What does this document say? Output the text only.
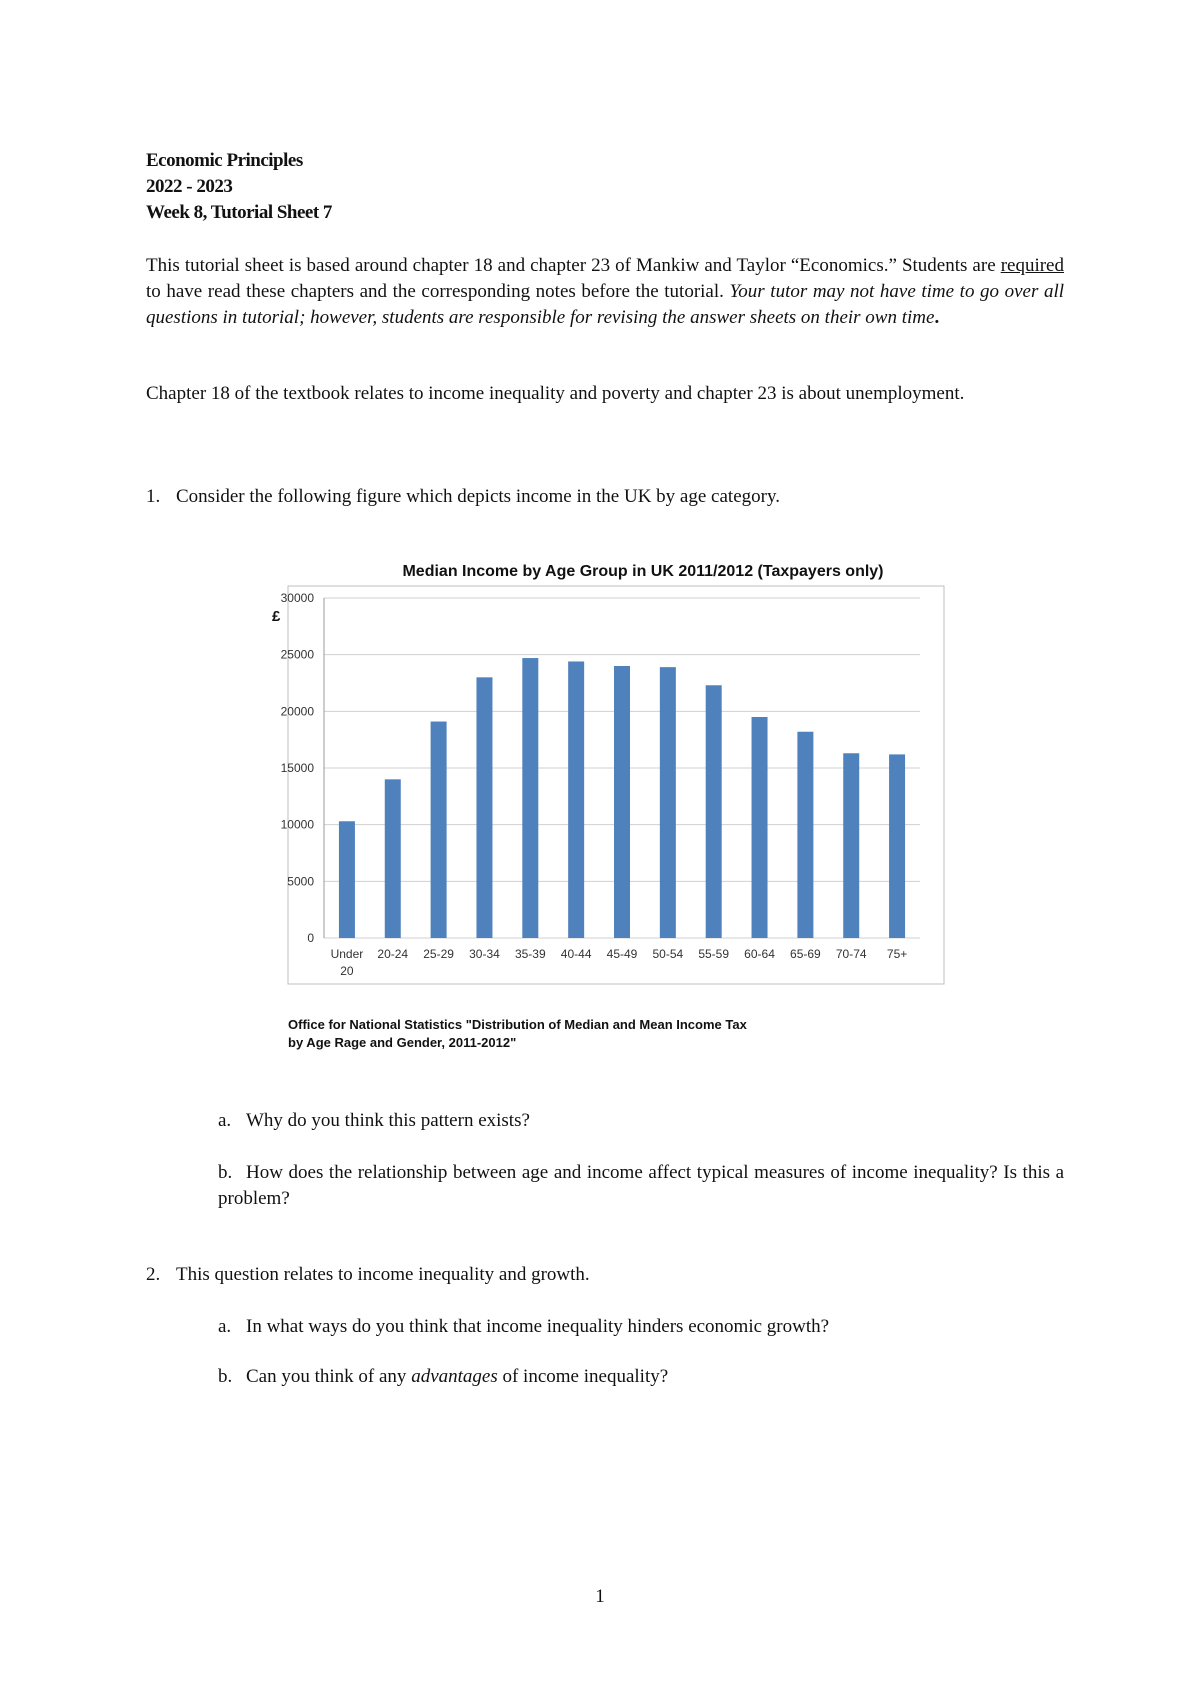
Economic Principles
2022 - 2023
Week 8, Tutorial Sheet 7
This tutorial sheet is based around chapter 18 and chapter 23 of Mankiw and Taylor “Economics.” Students are required to have read these chapters and the corresponding notes before the tutorial. Your tutor may not have time to go over all questions in tutorial; however, students are responsible for revising the answer sheets on their own time.
Chapter 18 of the textbook relates to income inequality and poverty and chapter 23 is about unemployment.
1. Consider the following figure which depicts income in the UK by age category.
Median Income by Age Group in UK 2011/2012 (Taxpayers only)
£
0
5000
10000
15000
20000
25000
30000
Under
20
20-24 25-29 30-34 35-39 40-44 45-49 50-54 55-59 60-64 65-69 70-74 75+
Office for National Statistics "Distribution of Median and Mean Income Tax
by Age Rage and Gender, 2011-2012"
a. Why do you think this pattern exists?
b. How does the relationship between age and income affect typical measures of income inequality? Is this a problem?
2. This question relates to income inequality and growth.
a. In what ways do you think that income inequality hinders economic growth?
b. Can you think of any advantages of income inequality?
1
